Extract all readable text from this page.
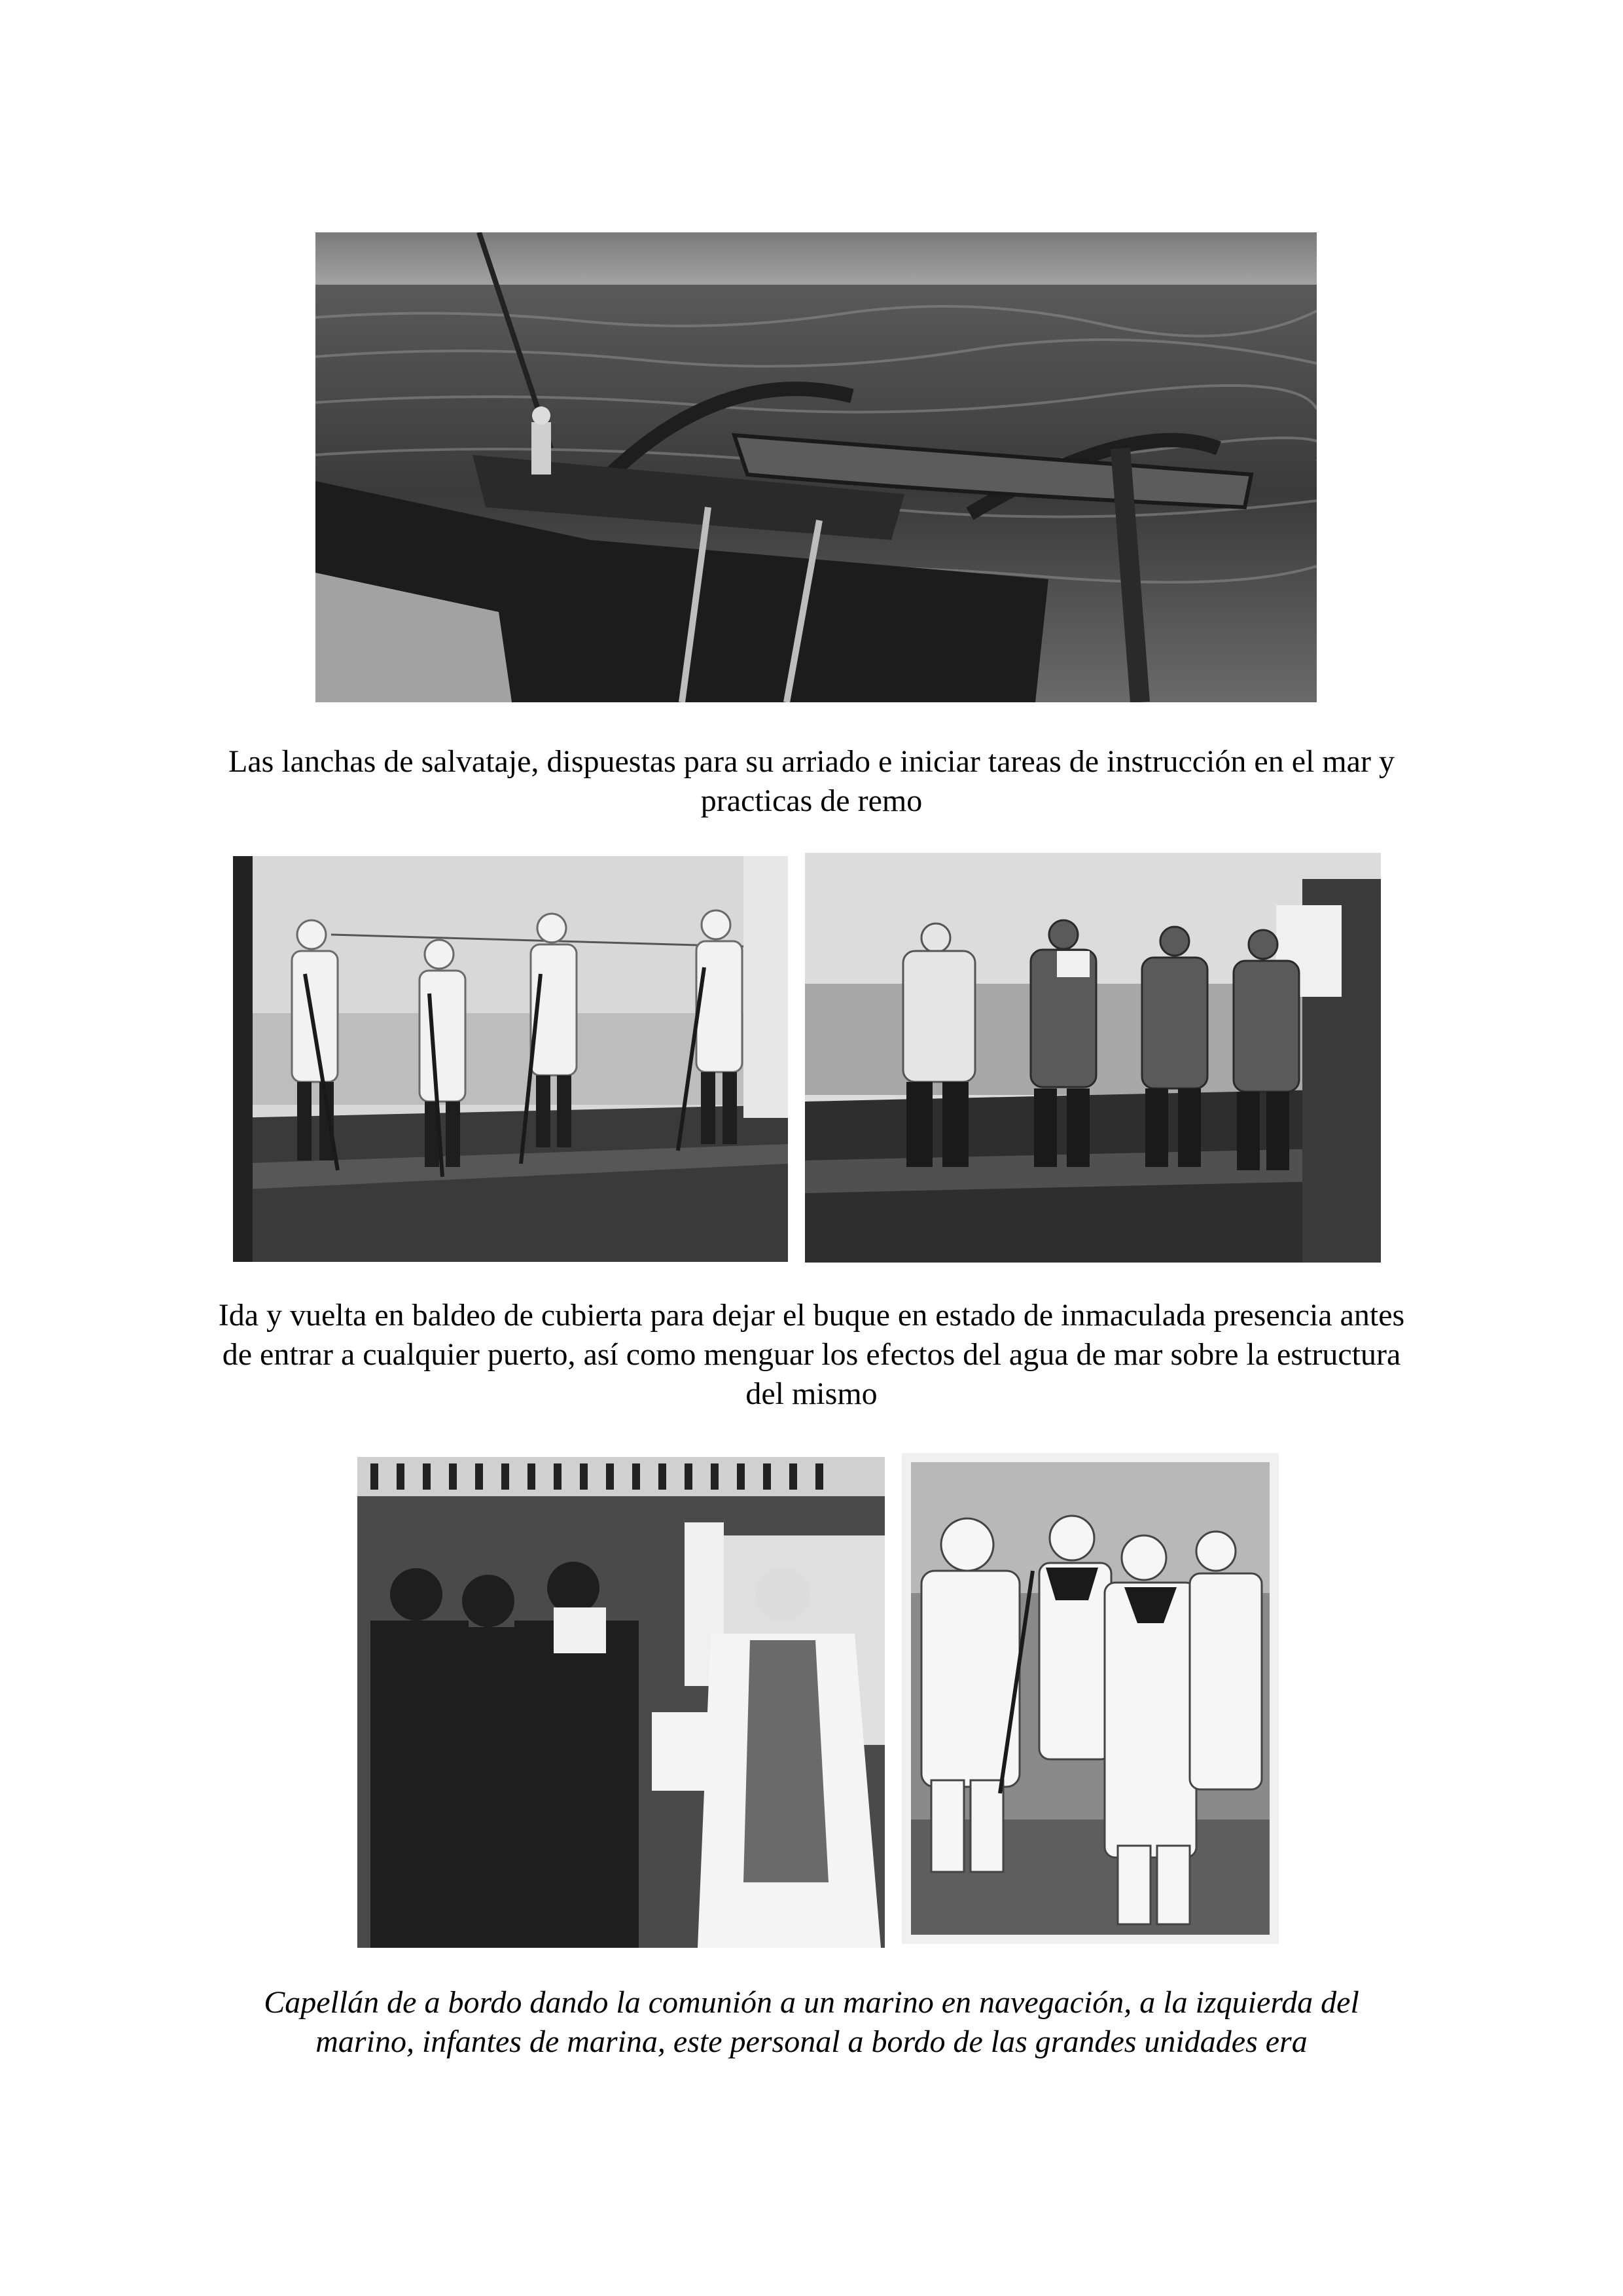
Las lanchas de salvataje, dispuestas para su arriado e iniciar tareas de instrucción en el mar y practicas de remo

Ida y vuelta en baldeo de cubierta para dejar el buque en estado de inmaculada presencia antes de entrar a cualquier puerto, así como menguar los efectos del agua de mar sobre la estructura del mismo

Capellán de a bordo dando la comunión a un marino en navegación, a la izquierda del marino, infantes de marina, este personal a bordo de las grandes unidades era
